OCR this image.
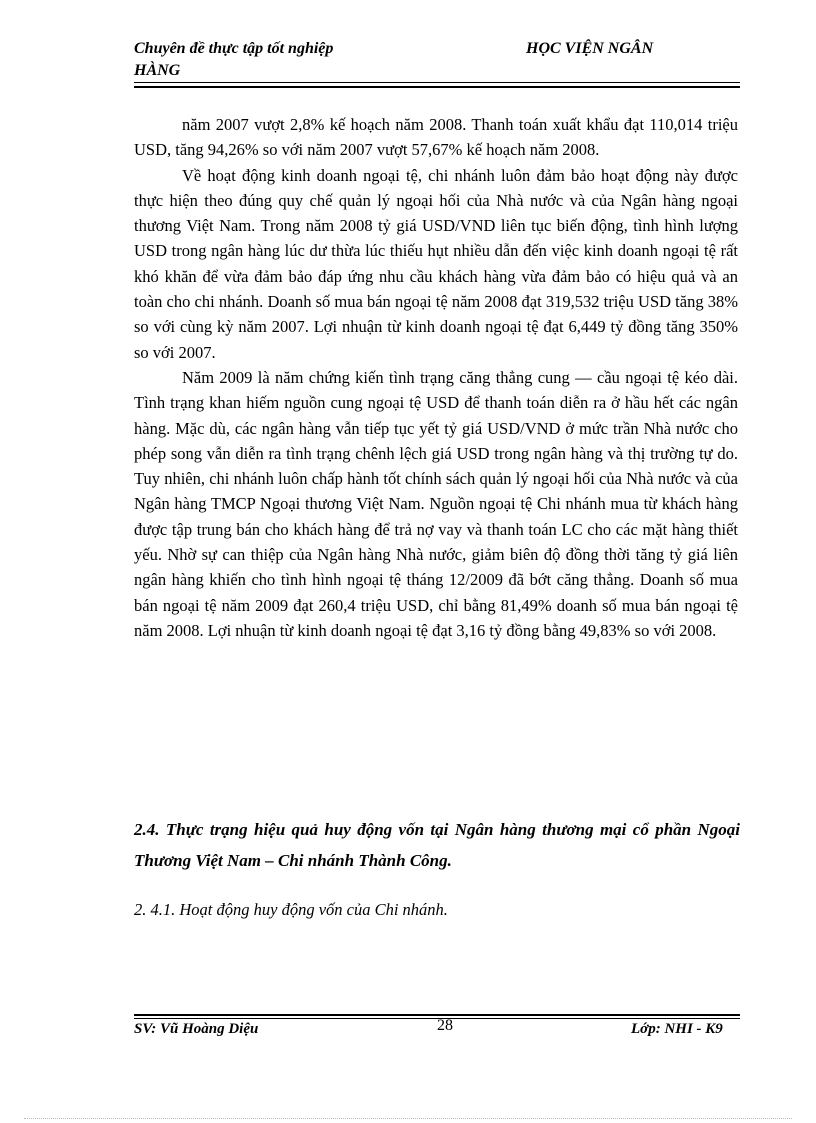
Chuyên đề thực tập tốt nghiệp	HỌC VIỆN NGÂN
HÀNG

năm 2007 vượt 2,8% kế hoạch năm 2008. Thanh toán xuất khẩu đạt 110,014 triệu USD, tăng 94,26% so với năm 2007 vượt 57,67% kế hoạch năm 2008.

Về hoạt động kinh doanh ngoại tệ, chi nhánh luôn đảm bảo hoạt động này được thực hiện theo đúng quy chế quản lý ngoại hối của Nhà nước và của Ngân hàng ngoại thương Việt Nam. Trong năm 2008 tỷ giá USD/VND liên tục biến động, tình hình lượng USD trong ngân hàng lúc dư thừa lúc thiếu hụt nhiều dẫn đến việc kinh doanh ngoại tệ rất khó khăn để vừa đảm bảo đáp ứng nhu cầu khách hàng vừa đảm bảo có hiệu quả và an toàn cho chi nhánh. Doanh số mua bán ngoại tệ năm 2008 đạt 319,532 triệu USD tăng 38% so với cùng kỳ năm 2007. Lợi nhuận từ kinh doanh ngoại tệ đạt 6,449 tỷ đồng tăng 350% so với 2007.

Năm 2009 là năm chứng kiến tình trạng căng thẳng cung — cầu ngoại tệ kéo dài. Tình trạng khan hiếm nguồn cung ngoại tệ USD để thanh toán diễn ra ở hầu hết các ngân hàng. Mặc dù, các ngân hàng vẫn tiếp tục yết tỷ giá USD/VND ở mức trần Nhà nước cho phép song vẫn diễn ra tình trạng chênh lệch giá USD trong ngân hàng và thị trường tự do. Tuy nhiên, chi nhánh luôn chấp hành tốt chính sách quản lý ngoại hối của Nhà nước và của Ngân hàng TMCP Ngoại thương Việt Nam. Nguồn ngoại tệ Chi nhánh mua từ khách hàng được tập trung bán cho khách hàng để trả nợ vay và thanh toán LC cho các mặt hàng thiết yếu. Nhờ sự can thiệp của Ngân hàng Nhà nước, giảm biên độ đồng thời tăng tỷ giá liên ngân hàng khiến cho tình hình ngoại tệ tháng 12/2009 đã bớt căng thẳng. Doanh số mua bán ngoại tệ năm 2009 đạt 260,4 triệu USD, chỉ bằng 81,49% doanh số mua bán ngoại tệ năm 2008. Lợi nhuận từ kinh doanh ngoại tệ đạt 3,16 tỷ đồng bằng 49,83% so với 2008.

2.4. Thực trạng hiệu quả huy động vốn tại Ngân hàng thương mại cổ phần Ngoại Thương Việt Nam – Chi nhánh Thành Công.
2. 4.1. Hoạt động huy động vốn của Chi nhánh.
SV: Vũ Hoàng Diệu	28	Lớp: NHI - K9
